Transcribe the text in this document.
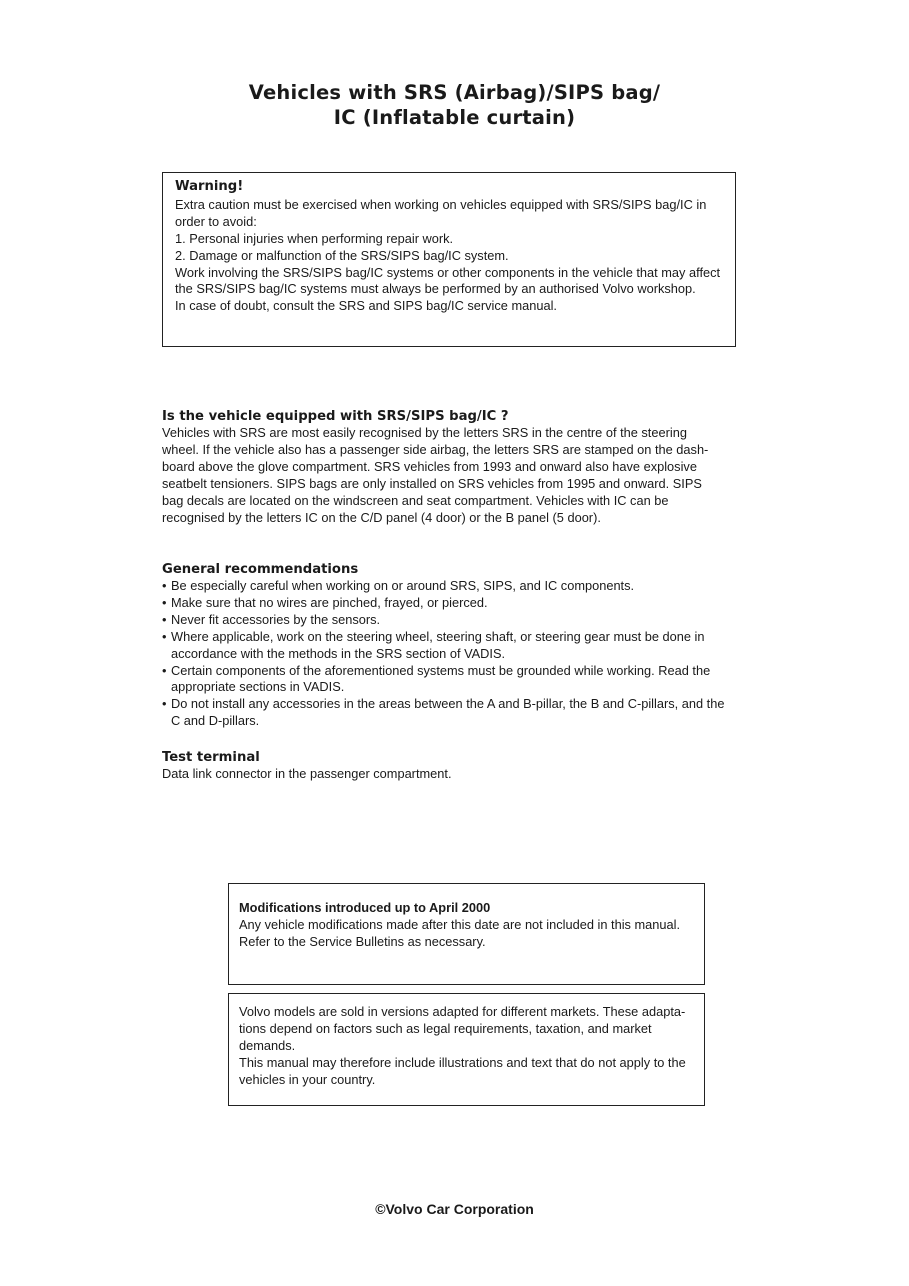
Vehicles with SRS (Airbag)/SIPS bag/
IC (Inflatable curtain)
Warning!
Extra caution must be exercised when working on vehicles equipped with SRS/SIPS bag/IC in
order to avoid:
1. Personal injuries when performing repair work.
2. Damage or malfunction of the SRS/SIPS bag/IC system.
Work involving the SRS/SIPS bag/IC systems or other components in the vehicle that may affect
the SRS/SIPS bag/IC systems must always be performed by an authorised Volvo workshop.
In case of doubt, consult the SRS and SIPS bag/IC service manual.
Is the vehicle equipped with SRS/SIPS bag/IC ?
Vehicles with SRS are most easily recognised by the letters SRS in the centre of the steering
wheel. If the vehicle also has a passenger side airbag, the letters SRS are stamped on the dash-
board above the glove compartment. SRS vehicles from 1993 and onward also have explosive
seatbelt tensioners. SIPS bags are only installed on SRS vehicles from 1995 and onward. SIPS
bag decals are located on the windscreen and seat compartment. Vehicles with IC can be
recognised by the letters IC on the C/D panel (4 door) or the B panel (5 door).
General recommendations
• Be especially careful when working on or around SRS, SIPS, and IC components.
• Make sure that no wires are pinched, frayed, or pierced.
• Never fit accessories by the sensors.
• Where applicable, work on the steering wheel, steering shaft, or steering gear must be done in
accordance with the methods in the SRS section of VADIS.
• Certain components of the aforementioned systems must be grounded while working. Read the
appropriate sections in VADIS.
• Do not install any accessories in the areas between the A and B-pillar, the B and C-pillars, and the
C and D-pillars.
Test terminal
Data link connector in the passenger compartment.
Modifications introduced up to April 2000
Any vehicle modifications made after this date are not included in this manual.
Refer to the Service Bulletins as necessary.
Volvo models are sold in versions adapted for different markets. These adapta-
tions depend on factors such as legal requirements, taxation, and market
demands.
This manual may therefore include illustrations and text that do not apply to the
vehicles in your country.
©Volvo Car Corporation
